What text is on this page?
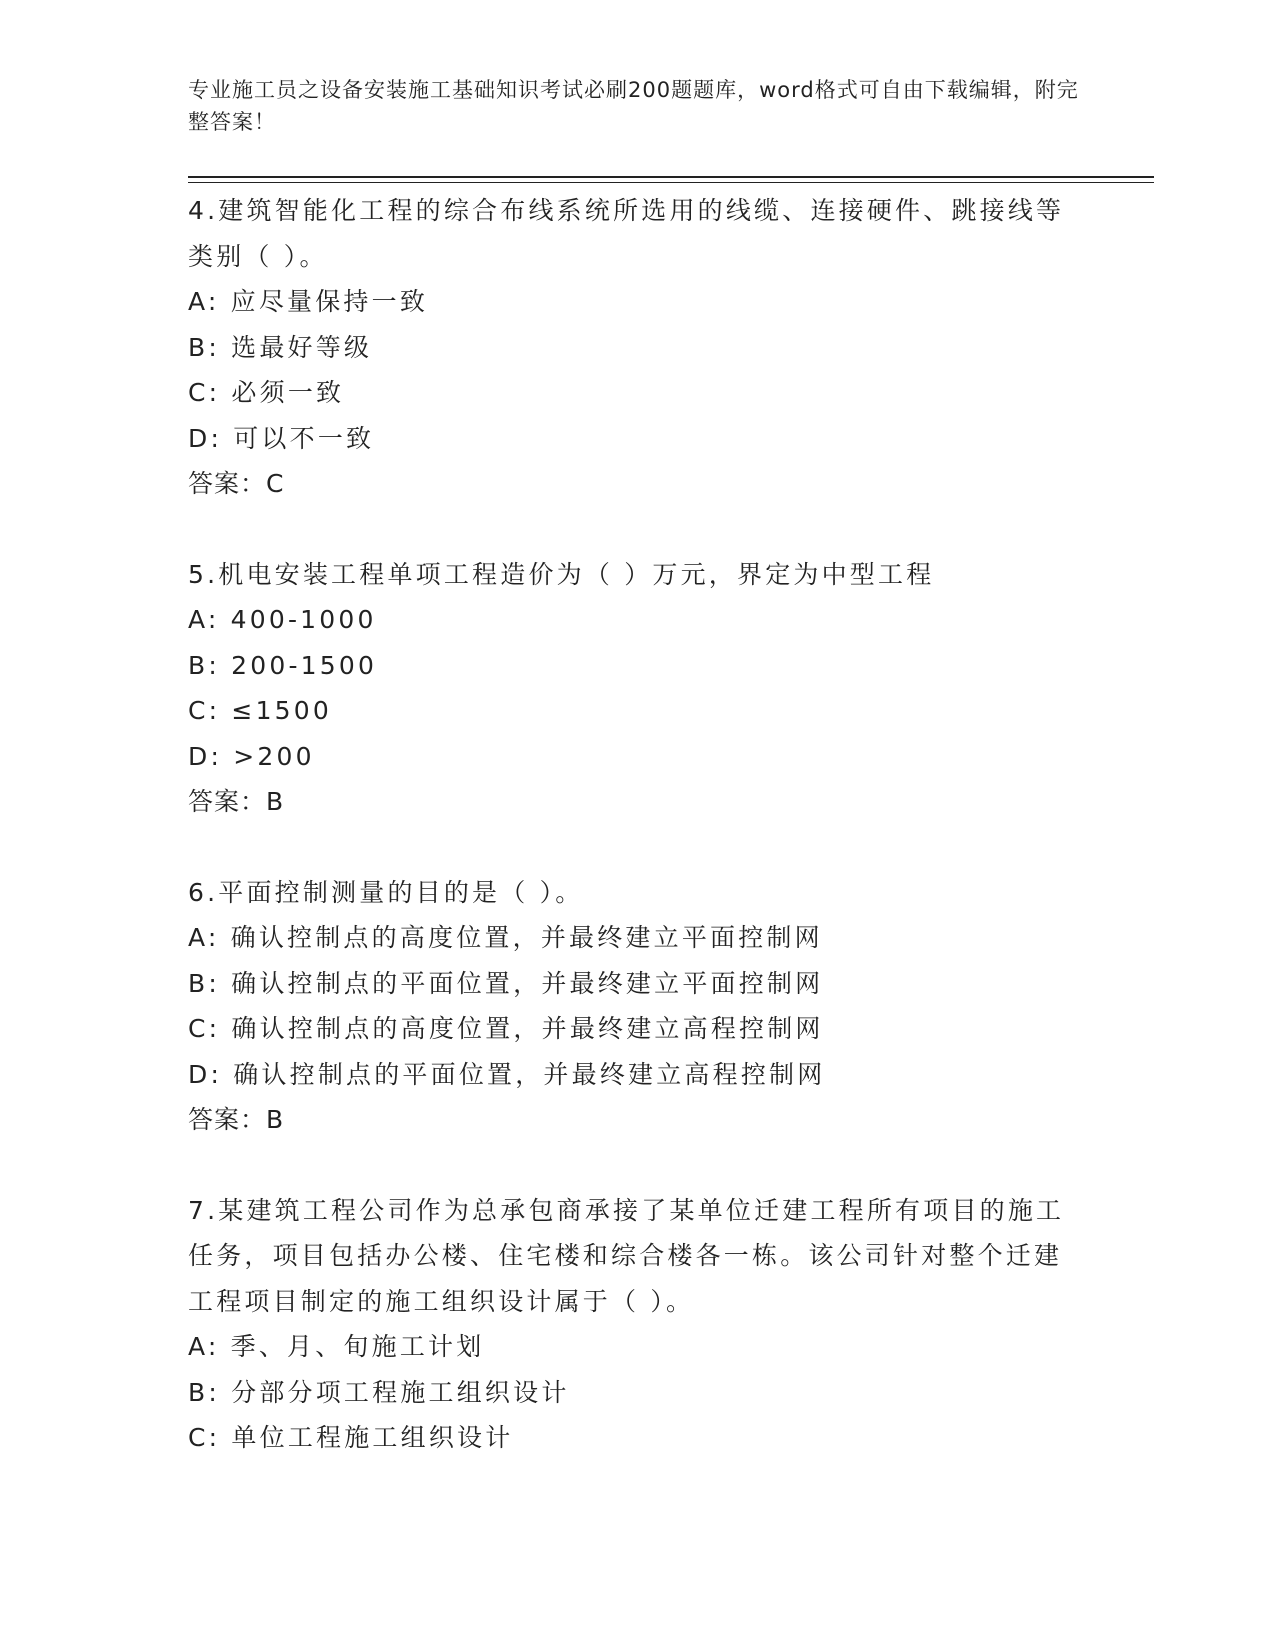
专业施工员之设备安装施工基础知识考试必刷200题题库，word格式可自由下载编辑，附完整答案！
4.建筑智能化工程的综合布线系统所选用的线缆、连接硬件、跳接线等类别（ ）。
A: 应尽量保持一致
B: 选最好等级
C: 必须一致
D: 可以不一致
答案：C
5.机电安装工程单项工程造价为（ ）万元，界定为中型工程
A: 400-1000
B: 200-1500
C: ≤1500
D: >200
答案：B
6.平面控制测量的目的是（ ）。
A: 确认控制点的高度位置，并最终建立平面控制网
B: 确认控制点的平面位置，并最终建立平面控制网
C: 确认控制点的高度位置，并最终建立高程控制网
D: 确认控制点的平面位置，并最终建立高程控制网
答案：B
7.某建筑工程公司作为总承包商承接了某单位迁建工程所有项目的施工任务，项目包括办公楼、住宅楼和综合楼各一栋。该公司针对整个迁建工程项目制定的施工组织设计属于（ ）。
A: 季、月、旬施工计划
B: 分部分项工程施工组织设计
C: 单位工程施工组织设计
